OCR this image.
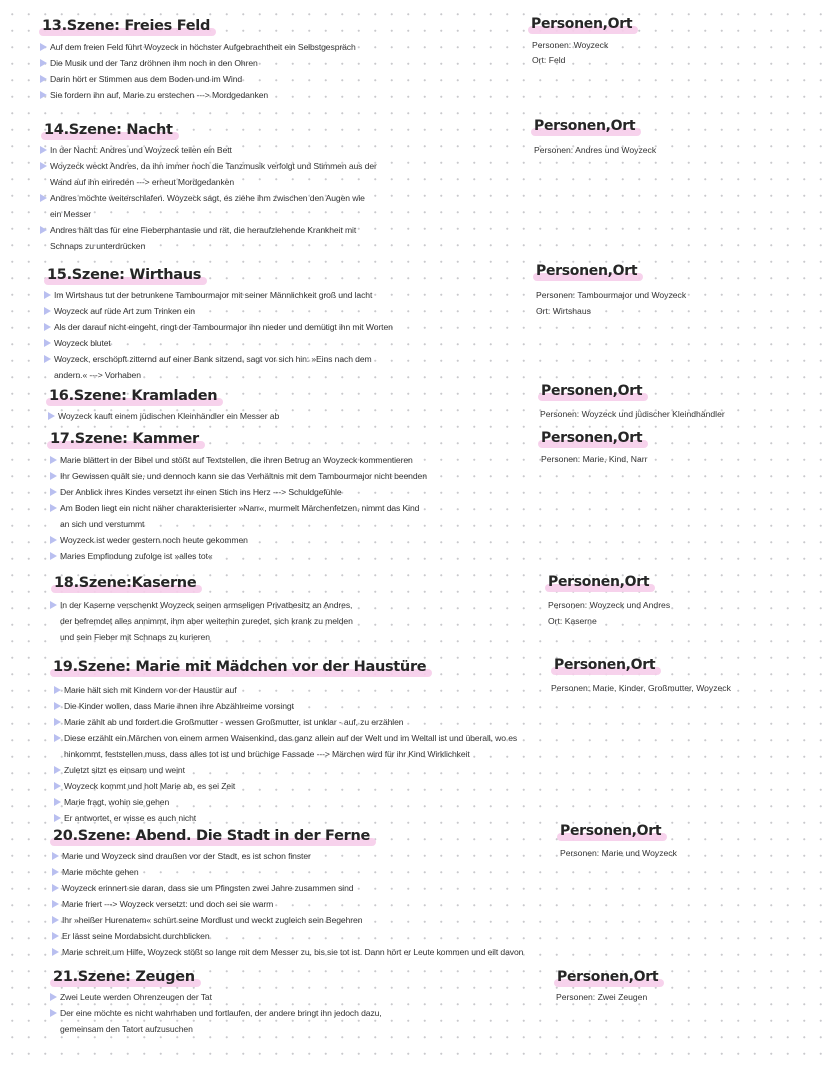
13.Szene: Freies Feld
Auf dem freien Feld führt Woyzeck in höchster Aufgebrachtheit ein Selbstgespräch
Die Musik und der Tanz dröhnen ihm noch in den Ohren
Darin hört er Stimmen aus dem Boden und im Wind
Sie fordern ihn auf, Marie zu erstechen ---> Mordgedanken
Personen,Ort
Personen: Woyzeck
Ort: Feld
14.Szene: Nacht
In der Nacht: Andres und Woyzeck teilen ein Bett
Woyzeck weckt Andres, da ihn immer noch die Tanzmusik verfolgt und Stimmen aus der Wand auf ihn einreden ---> erneut Mordgedanken
Andres möchte weiterschlafen. Woyzeck sagt, es ziehe ihm zwischen den Augen wie ein Messer
Andres hält das für eine Fieberphantasie und rät, die heraufziehende Krankheit mit Schnaps zu unterdrücken
Personen,Ort
Personen: Andres und Woyzeck
15.Szene: Wirthaus
Im Wirtshaus tut der betrunkene Tambourmajor mit seiner Männlichkeit groß und lacht
Woyzeck auf rüde Art zum Trinken ein
Als der darauf nicht eingeht, ringt der Tambourmajor ihn nieder und demütigt ihn mit Worten
Woyzeck blutet
Woyzeck, erschöpft zitternd auf einer Bank sitzend, sagt vor sich hin: »Eins nach dem andern.« ---> Vorhaben
Personen,Ort
Personen: Tambourmajor und Woyzeck
Ort: Wirtshaus
16.Szene: Kramladen
Woyzeck kauft einem jüdischen Kleinhändler ein Messer ab
Personen,Ort
Personen: Woyzeck und jüdischer Kleindhändler
17.Szene: Kammer
Marie blättert in der Bibel und stößt auf Textstellen, die ihren Betrug an Woyzeck kommentieren
Ihr Gewissen quält sie, und dennoch kann sie das Verhältnis mit dem Tambourmajor nicht beenden
Der Anblick ihres Kindes versetzt ihr einen Stich ins Herz ---> Schuldgefühle
Am Boden liegt ein nicht näher charakterisierter »Narr«, murmelt Märchenfetzen, nimmt das Kind an sich und verstummt
Woyzeck ist weder gestern noch heute gekommen
Maries Empfindung zufolge ist »alles tot«
Personen,Ort
Personen: Marie, Kind, Narr
18.Szene:Kaserne
In der Kaserne verschenkt Woyzeck seinen armseligen Privatbesitz an Andres, der befremdet alles annimmt, ihm aber weiterhin zuredet, sich krank zu melden und sein Fieber mit Schnaps zu kurieren
Personen,Ort
Personen: Woyzeck und Andres
Ort: Kaserne
19.Szene: Marie mit Mädchen vor der Haustüre
Marie hält sich mit Kindern vor der Haustür auf
Die Kinder wollen, dass Marie ihnen ihre Abzählreime vorsingt
Marie zählt ab und fordert die Großmutter - wessen Großmutter, ist unklar - auf, zu erzählen
Diese erzählt ein Märchen von einem armen Waisenkind, das ganz allein auf der Welt und im Weltall ist und überall, wo es hinkommt, feststellen muss, dass alles tot ist und brüchige Fassade ---> Märchen wird für ihr Kind Wirklichkeit
Zuletzt sitzt es einsam und weint
Woyzeck kommt und holt Marie ab, es sei Zeit
Marie fragt, wohin sie gehen
Er antwortet, er wisse es auch nicht
Personen,Ort
Personen: Marie, Kinder, Großmutter, Woyzeck
20.Szene: Abend. Die Stadt in der Ferne
Marie und Woyzeck sind draußen vor der Stadt, es ist schon finster
Marie möchte gehen
Woyzeck erinnert sie daran, dass sie um Pfingsten zwei Jahre zusammen sind
Marie friert ---> Woyzeck versetzt: und doch sei sie warm
Ihr »heißer Hurenatem« schürt seine Mordlust und weckt zugleich sein Begehren
Er lässt seine Mordabsicht durchblicken
Marie schreit um Hilfe, Woyzeck stößt so lange mit dem Messer zu, bis sie tot ist. Dann hört er Leute kommen und eilt davon
Personen,Ort
Personen: Marie und Woyzeck
21.Szene: Zeugen
Zwei Leute werden Ohrenzeugen der Tat
Der eine möchte es nicht wahrhaben und fortlaufen, der andere bringt ihn jedoch dazu, gemeinsam den Tatort aufzusuchen
Personen,Ort
Personen: Zwei Zeugen
